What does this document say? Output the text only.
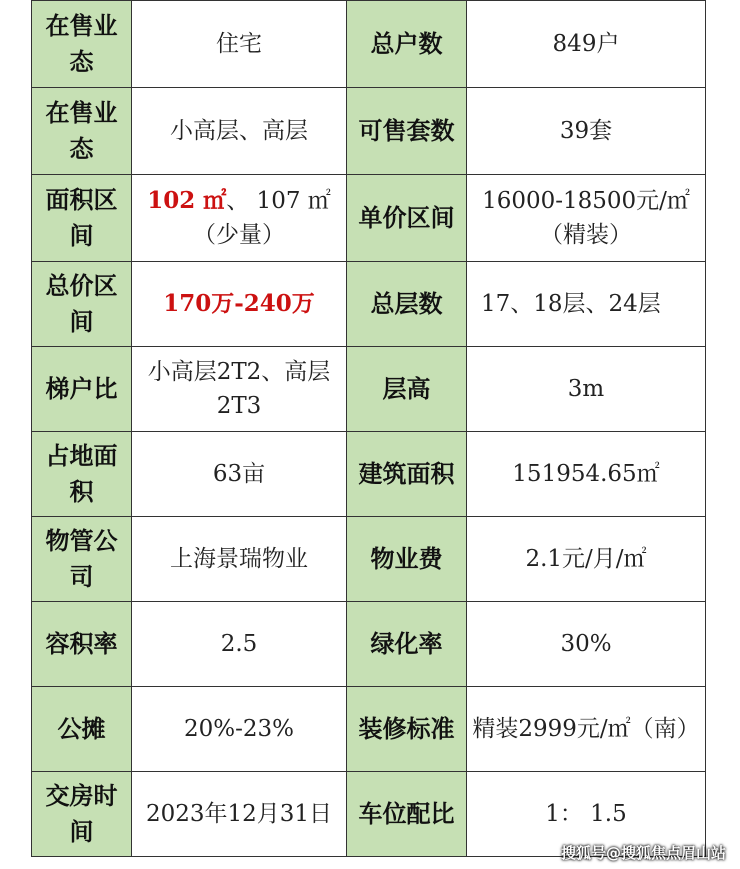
在售业态	住宅	总户数	849户
在售业态	小高层、高层	可售套数	39套
面积区间	102 ㎡、 107 ㎡（少量）	单价区间	16000-18500元/㎡（精装）
总价区间	170万-240万	总层数	17、18层、24层
梯户比	小高层2T2、高层2T3	层高	3m
占地面积	63亩	建筑面积	151954.65㎡
物管公司	上海景瑞物业	物业费	2.1元/月/㎡
容积率	2.5	绿化率	30%
公摊	20%-23%	装修标准	精装2999元/㎡（南）
交房时间	2023年12月31日	车位配比	1： 1.5
搜狐号@搜狐焦点眉山站
